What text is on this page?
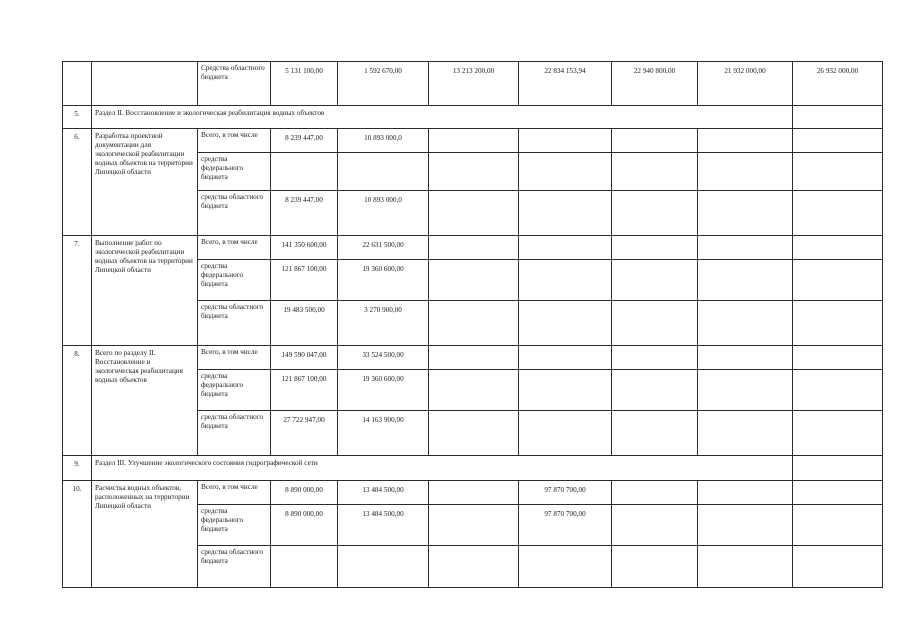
		Средства областного бюджета	5 131 100,00	1 592 670,00	13 213 200,00	22 834 153,94	22 940 800,00	21 932 000,00	26 932 000,00
5.	Раздел II. Восстановление и экологическая реабилитация водных объектов								
6.	Разработка проектной документации для экологической реабилитации водных объектов на территории Липецкой области	Всего, в том числе	8 239 447,00	10 893 000,0					
		средства федерального бюджета							
		средства областного бюджета	8 239 447,00	10 893 000,0					
7.	Выполнение работ по экологической реабилитации водных объектов на территории Липецкой области	Всего, в том числе	141 350 600,00	22 631 500,00					
		средства федерального бюджета	121 867 100,00	19 360 600,00					
		средства областного бюджета	19 483 500,00	3 270 900,00					
8.	Всего по разделу II. Восстановление и экологическая реабилитация водных объектов	Всего, в том числе	149 590 047,00	33 524 500,00					
		средства федерального бюджета	121 867 100,00	19 360 600,00					
		средства областного бюджета	27 722 947,00	14 163 900,00					
9.	Раздел III. Улучшение экологического состояния гидрографической сети								
10.	Расчистка водных объектов, расположенных на территории Липецкой области	Всего, в том числе	8 890 000,00	13 484 500,00		97 870 700,00			
		средства федерального бюджета	8 890 000,00	13 484 500,00		97 870 700,00			
		средства областного бюджета							
